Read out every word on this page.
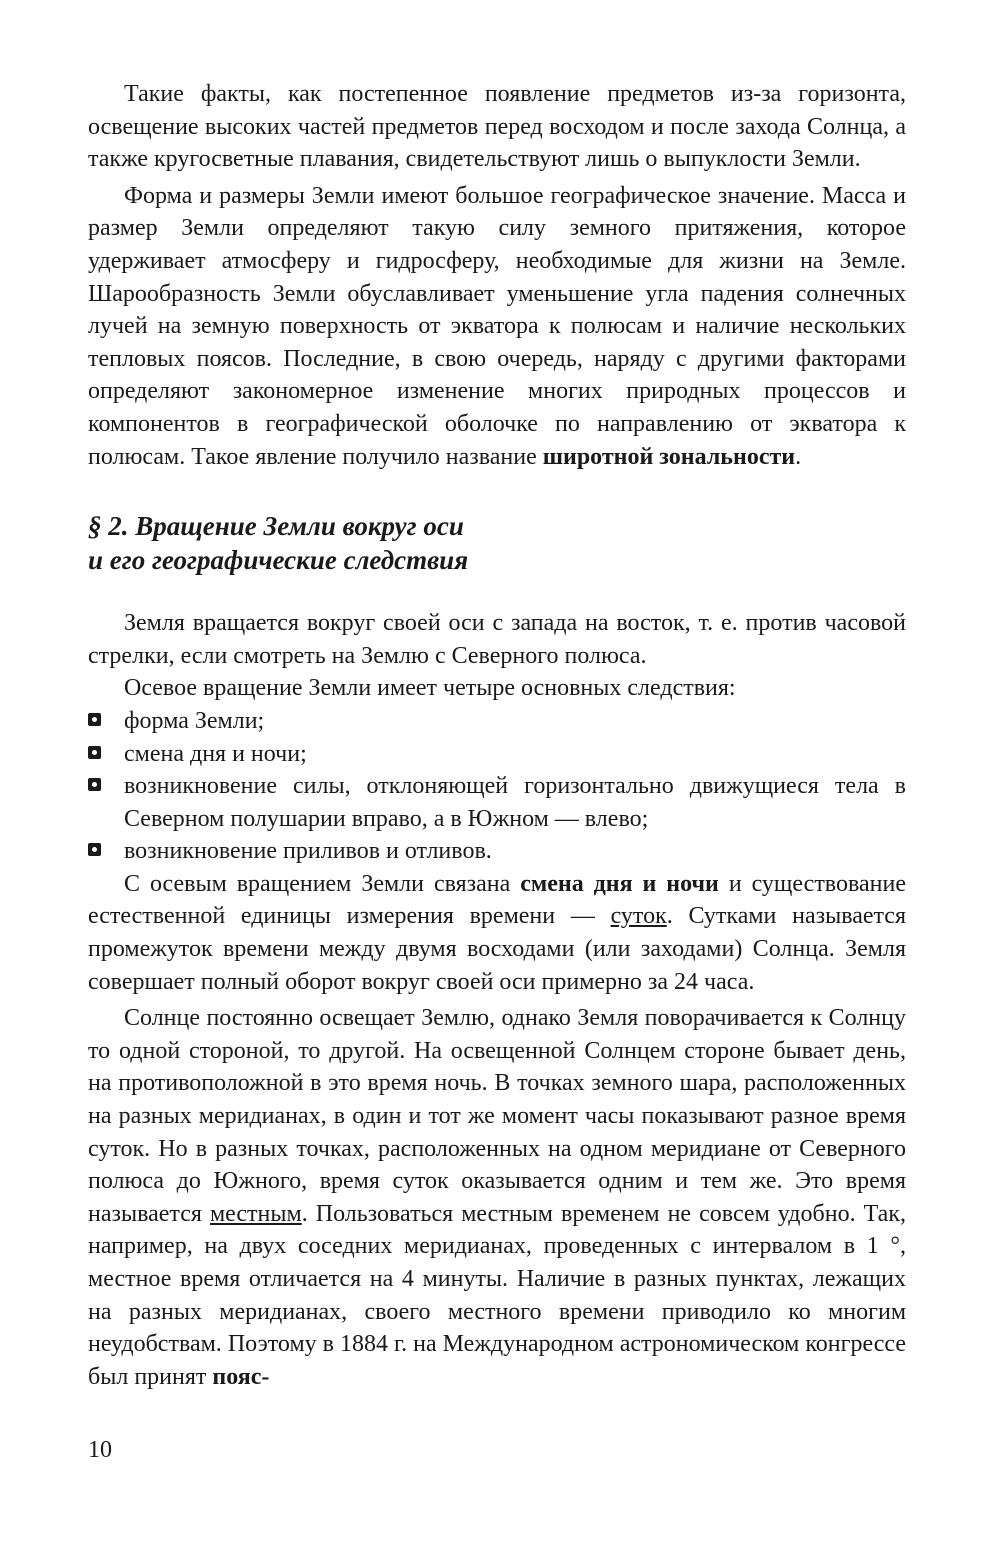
Такие факты, как постепенное появление предметов из-за горизонта, освещение высоких частей предметов перед восходом и после захода Солнца, а также кругосветные плавания, свидетельствуют лишь о выпуклости Земли.

Форма и размеры Земли имеют большое географическое значение. Масса и размер Земли определяют такую силу земного притяжения, которое удерживает атмосферу и гидросферу, необходимые для жизни на Земле. Шарообразность Земли обуславливает уменьшение угла падения солнечных лучей на земную поверхность от экватора к полюсам и наличие нескольких тепловых поясов. Последние, в свою очередь, наряду с другими факторами определяют закономерное изменение многих природных процессов и компонентов в географической оболочке по направлению от экватора к полюсам. Такое явление получило название широтной зональности.

§ 2. Вращение Земли вокруг оси
и его географические следствия

Земля вращается вокруг своей оси с запада на восток, т. е. против часовой стрелки, если смотреть на Землю с Северного полюса.

Осевое вращение Земли имеет четыре основных следствия:

форма Земли;
смена дня и ночи;
возникновение силы, отклоняющей горизонтально движущиеся тела в Северном полушарии вправо, а в Южном — влево;
возникновение приливов и отливов.

С осевым вращением Земли связана смена дня и ночи и существование естественной единицы измерения времени — суток. Сутками называется промежуток времени между двумя восходами (или заходами) Солнца. Земля совершает полный оборот вокруг своей оси примерно за 24 часа.

Солнце постоянно освещает Землю, однако Земля поворачивается к Солнцу то одной стороной, то другой. На освещенной Солнцем стороне бывает день, на противоположной в это время ночь. В точках земного шара, расположенных на разных меридианах, в один и тот же момент часы показывают разное время суток. Но в разных точках, расположенных на одном меридиане от Северного полюса до Южного, время суток оказывается одним и тем же. Это время называется местным. Пользоваться местным временем не совсем удобно. Так, например, на двух соседних меридианах, проведенных с интервалом в 1 °, местное время отличается на 4 минуты. Наличие в разных пунктах, лежащих на разных меридианах, своего местного времени приводило ко многим неудобствам. Поэтому в 1884 г. на Международном астрономическом конгрессе был принят пояс-

10
